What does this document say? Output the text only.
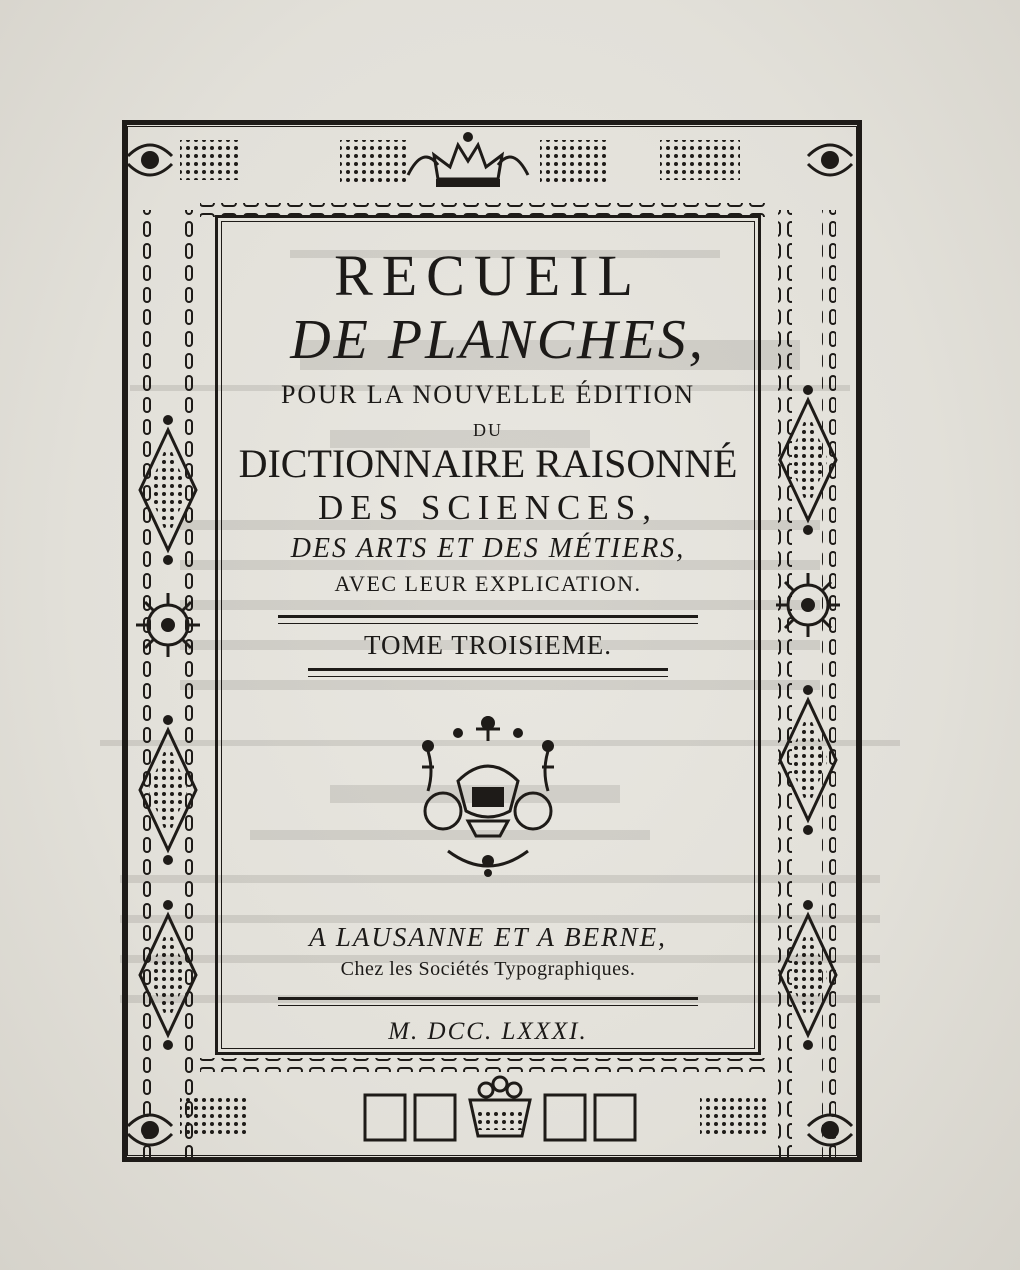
RECUEIL
DE PLANCHES,
POUR LA NOUVELLE ÉDITION
DU
DICTIONNAIRE RAISONNÉ
DES SCIENCES,
DES ARTS ET DES MÉTIERS,
AVEC LEUR EXPLICATION.
TOME TROISIEME.
A LAUSANNE ET A BERNE,
Chez les Sociétés Typographiques.
M. DCC. LXXXI.
